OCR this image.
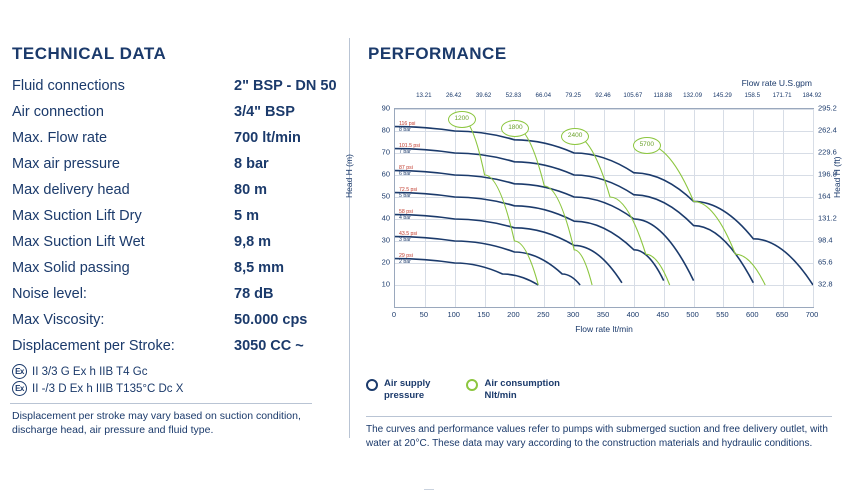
TECHNICAL DATA
Fluid connections	2" BSP - DN 50
Air connection	3/4" BSP
Max. Flow rate	700 lt/min
Max air pressure	8 bar
Max delivery head	80 m
Max Suction Lift Dry	5 m
Max Suction Lift Wet	9,8 m
Max Solid passing	8,5 mm
Noise level:	78 dB
Max Viscosity:	50.000 cps
Displacement per Stroke:	3050 CC ~
Ex II 3/3 G Ex h IIB T4 Gc
Ex II -/3 D Ex h IIIB T135°C Dc X
Displacement per stroke may vary based on suction condition, discharge head, air pressure and fluid type.
PERFORMANCE
Flow rate U.S.gpm
13.21 26.42 39.62 52.83 66.04 79.25 92.46 105.67 118.88 132.09 145.29 158.5 171.71 184.92
Head H (m)	Head H (ft)
10
20
30
40
50
60
70
80
90
32.8
65.6
98.4
131.2
164
196.8
229.6
262.4
295.2
116 psi
8 bar
101.5 psi
7 bar
87 psi
6 bar
72.5 psi
5 bar
58 psi
4 bar
43.5 psi
3 bar
29 psi
2 bar
1200
1800
2400
5700
0	50	100 150 200 250 300 350 400 450 500 550 600 650 700
Flow rate lt/min
Air supply
pressure
Air consumption
Nlt/min
The curves and performance values refer to pumps with submerged suction and free delivery outlet, with water at 20°C. These data may vary according to the construction materials and hydraulic conditions.
